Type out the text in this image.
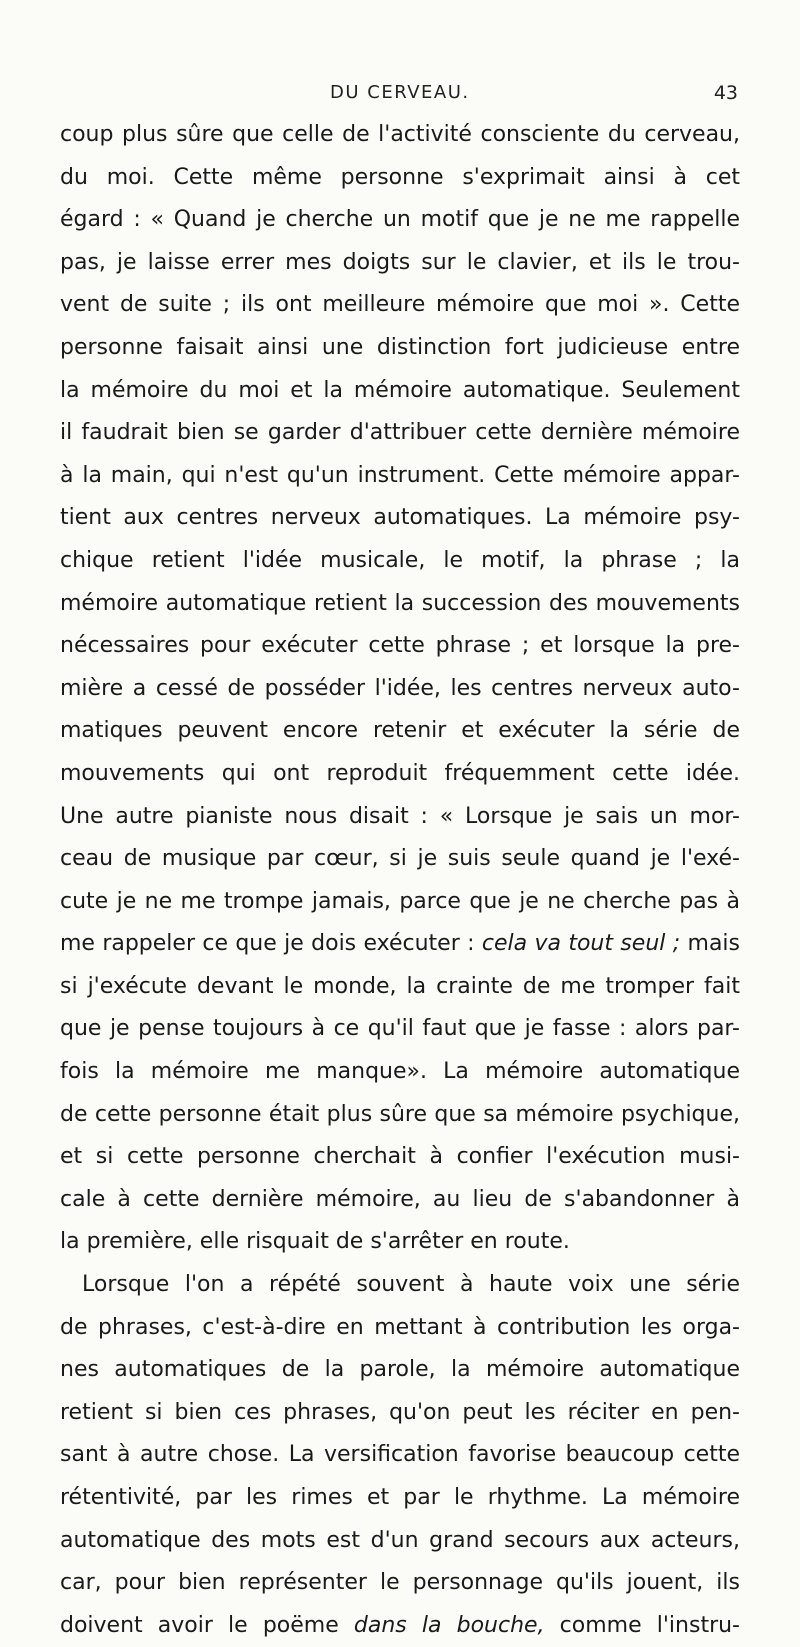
DU CERVEAU.	43
coup plus sûre que celle de l'activité consciente du cerveau,
du moi. Cette même personne s'exprimait ainsi à cet
égard : « Quand je cherche un motif que je ne me rappelle
pas, je laisse errer mes doigts sur le clavier, et ils le trou-
vent de suite ; ils ont meilleure mémoire que moi ». Cette
personne faisait ainsi une distinction fort judicieuse entre
la mémoire du moi et la mémoire automatique. Seulement
il faudrait bien se garder d'attribuer cette dernière mémoire
à la main, qui n'est qu'un instrument. Cette mémoire appar-
tient aux centres nerveux automatiques. La mémoire psy-
chique retient l'idée musicale, le motif, la phrase ; la
mémoire automatique retient la succession des mouvements
nécessaires pour exécuter cette phrase ; et lorsque la pre-
mière a cessé de posséder l'idée, les centres nerveux auto-
matiques peuvent encore retenir et exécuter la série de
mouvements qui ont reproduit fréquemment cette idée.
Une autre pianiste nous disait : « Lorsque je sais un mor-
ceau de musique par cœur, si je suis seule quand je l'exé-
cute je ne me trompe jamais, parce que je ne cherche pas à
me rappeler ce que je dois exécuter : cela va tout seul ; mais
si j'exécute devant le monde, la crainte de me tromper fait
que je pense toujours à ce qu'il faut que je fasse : alors par-
fois la mémoire me manque». La mémoire automatique
de cette personne était plus sûre que sa mémoire psychique,
et si cette personne cherchait à confier l'exécution musi-
cale à cette dernière mémoire, au lieu de s'abandonner à
la première, elle risquait de s'arrêter en route.
Lorsque l'on a répété souvent à haute voix une série
de phrases, c'est-à-dire en mettant à contribution les orga-
nes automatiques de la parole, la mémoire automatique
retient si bien ces phrases, qu'on peut les réciter en pen-
sant à autre chose. La versification favorise beaucoup cette
rétentivité, par les rimes et par le rhythme. La mémoire
automatique des mots est d'un grand secours aux acteurs,
car, pour bien représenter le personnage qu'ils jouent, ils
doivent avoir le poëme dans la bouche, comme l'instru-
